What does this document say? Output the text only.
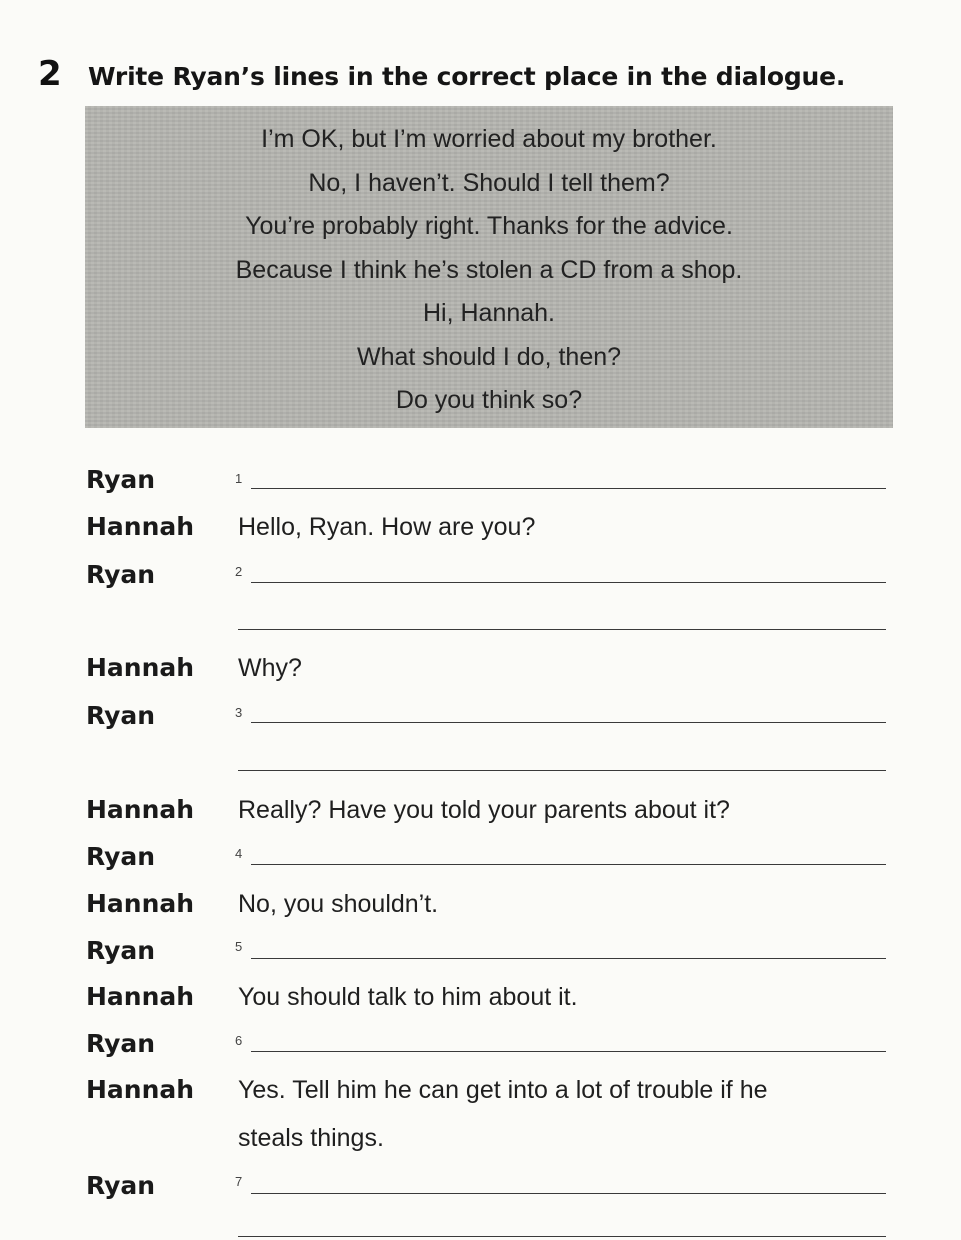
2	Write Ryan’s lines in the correct place in the dialogue.
I’m OK, but I’m worried about my brother.
No, I haven’t. Should I tell them?
You’re probably right. Thanks for the advice.
Because I think he’s stolen a CD from a shop.
Hi, Hannah.
What should I do, then?
Do you think so?
Ryan	1
Hannah Hello, Ryan. How are you?
Ryan	2
Hannah Why?
Ryan	3
Hannah Really? Have you told your parents about it?
Ryan	4
Hannah No, you shouldn’t.
Ryan	5
Hannah You should talk to him about it.
Ryan	6
Hannah Yes. Tell him he can get into a lot of trouble if he
steals things.
Ryan	7
